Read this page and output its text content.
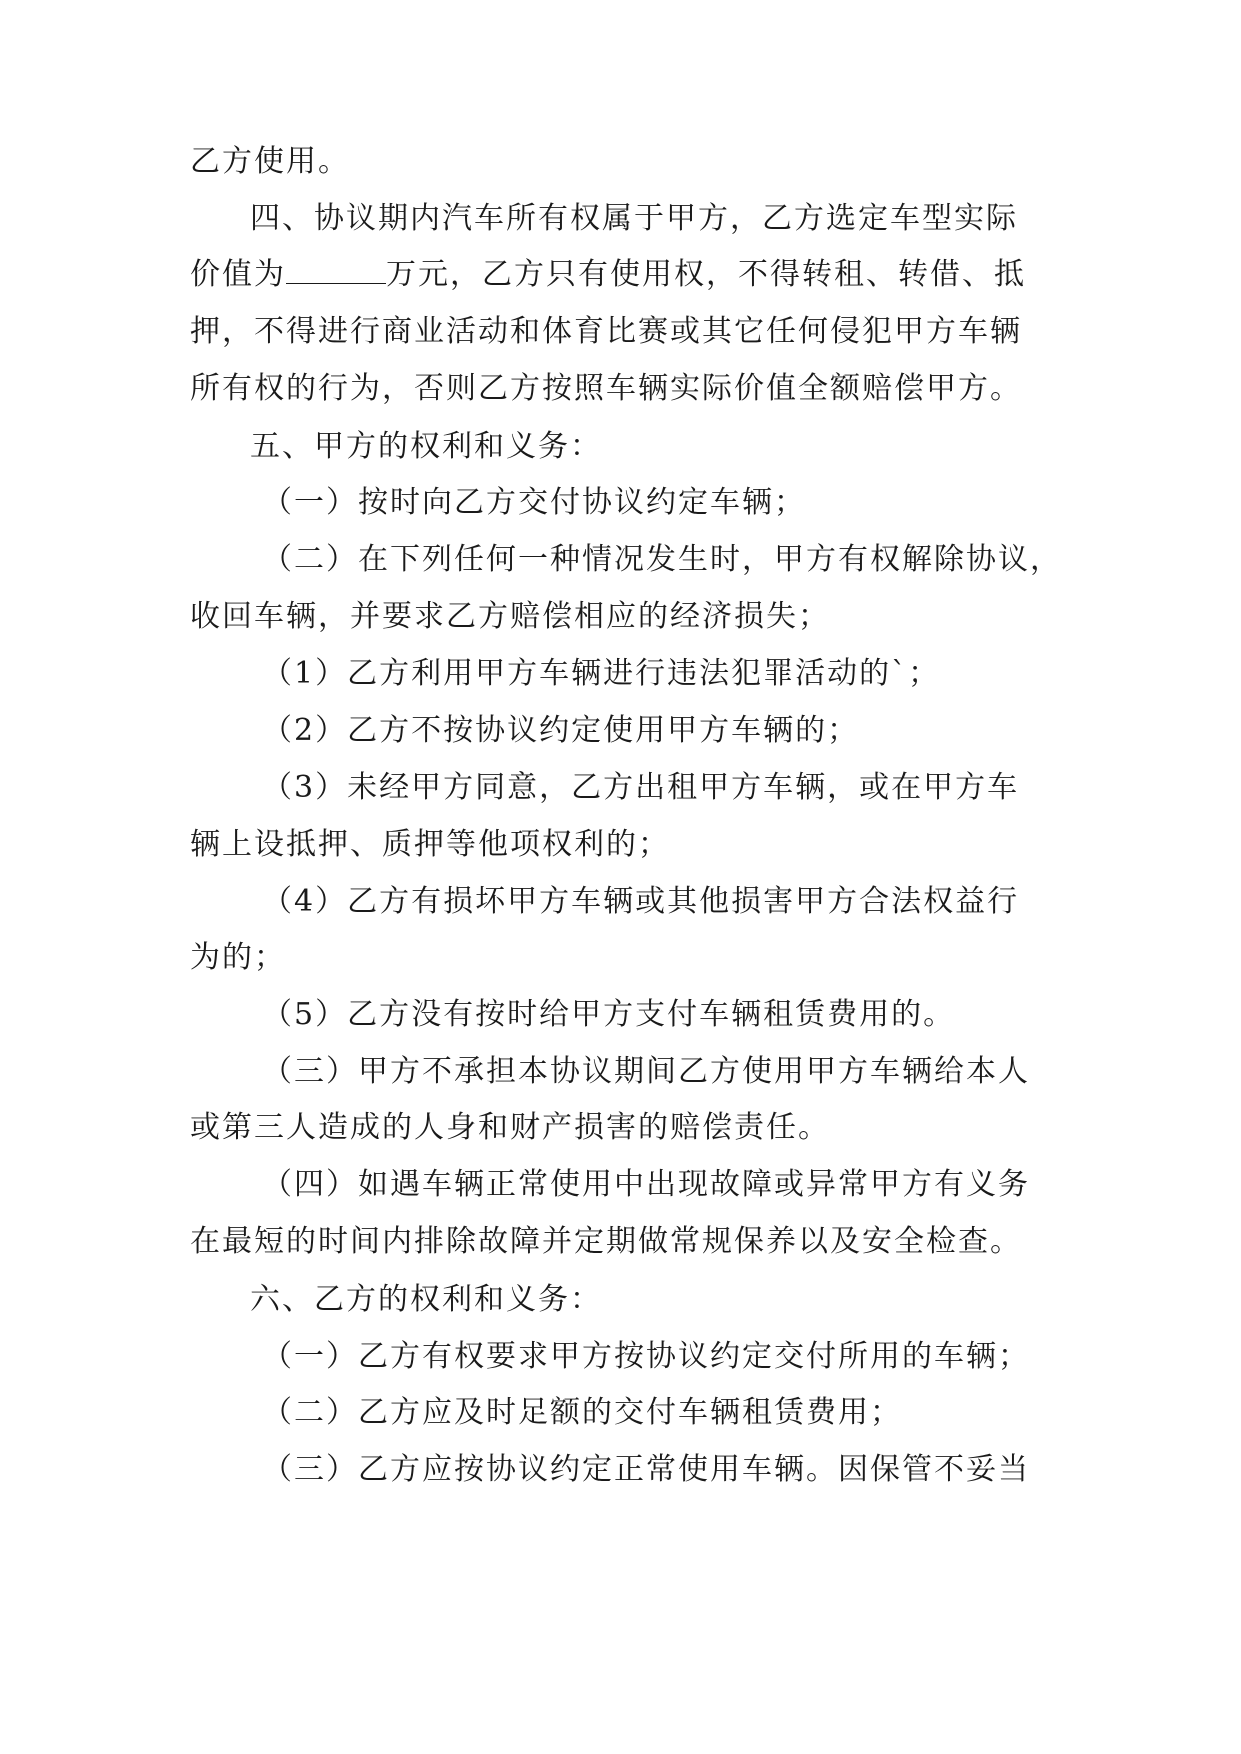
乙方使用。
四、协议期内汽车所有权属于甲方，乙方选定车型实际
价值为	万元，乙方只有使用权，不得转租、转借、抵
押，不得进行商业活动和体育比赛或其它任何侵犯甲方车辆
所有权的行为，否则乙方按照车辆实际价值全额赔偿甲方。
五、甲方的权利和义务：
（一）按时向乙方交付协议约定车辆；
（二）在下列任何一种情况发生时，甲方有权解除协议，
收回车辆，并要求乙方赔偿相应的经济损失；
（1）乙方利用甲方车辆进行违法犯罪活动的`；
（2）乙方不按协议约定使用甲方车辆的；
（3）未经甲方同意，乙方出租甲方车辆，或在甲方车
辆上设抵押、质押等他项权利的；
（4）乙方有损坏甲方车辆或其他损害甲方合法权益行
为的；
（5）乙方没有按时给甲方支付车辆租赁费用的。
（三）甲方不承担本协议期间乙方使用甲方车辆给本人
或第三人造成的人身和财产损害的赔偿责任。
（四）如遇车辆正常使用中出现故障或异常甲方有义务
在最短的时间内排除故障并定期做常规保养以及安全检查。
六、乙方的权利和义务：
（一）乙方有权要求甲方按协议约定交付所用的车辆；
（二）乙方应及时足额的交付车辆租赁费用；
（三）乙方应按协议约定正常使用车辆。因保管不妥当
